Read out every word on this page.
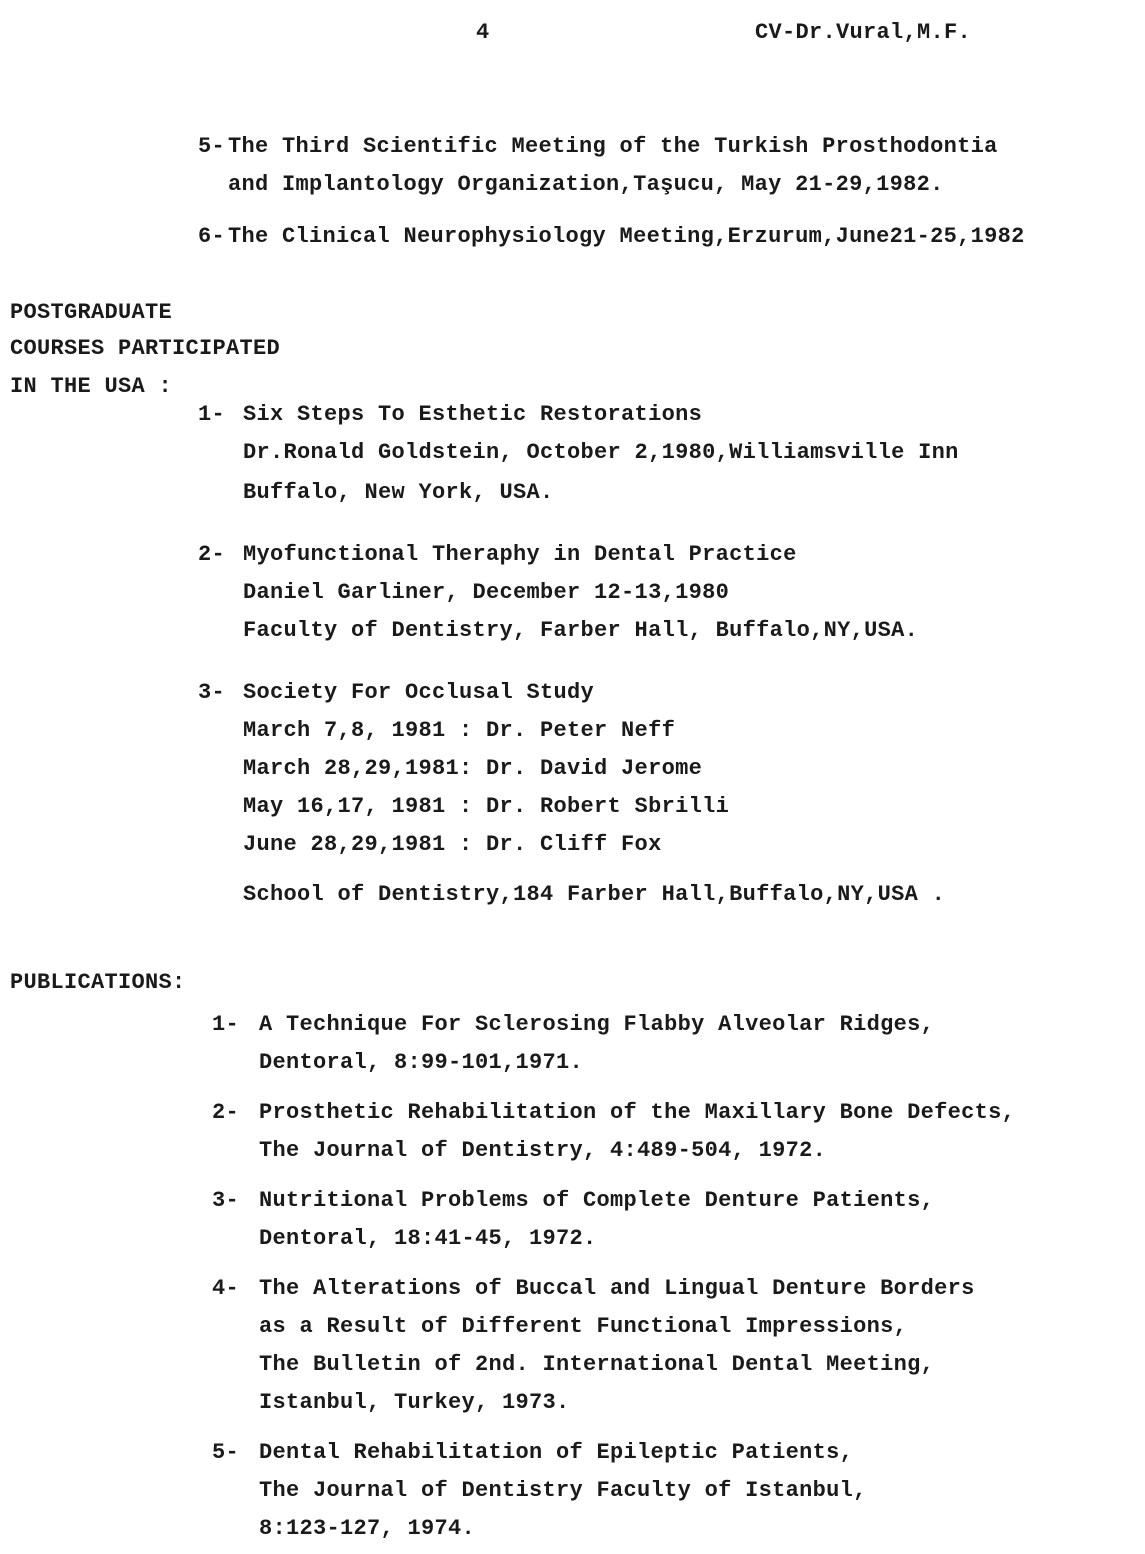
4	CV-Dr.Vural,M.F.
5- The Third Scientific Meeting of the Turkish Prosthodontia
and Implantology Organization,Taşucu, May 21-29,1982.
6- The Clinical Neurophysiology Meeting,Erzurum,June21-25,1982
POSTGRADUATE
COURSES PARTICIPATED
IN THE USA :
1- Six Steps To Esthetic Restorations
Dr.Ronald Goldstein, October 2,1980,Williamsville Inn
Buffalo, New York, USA.
2- Myofunctional Theraphy in Dental Practice
Daniel Garliner, December 12-13,1980
Faculty of Dentistry, Farber Hall, Buffalo,NY,USA.
3- Society For Occlusal Study
March 7,8, 1981 : Dr. Peter Neff
March 28,29,1981: Dr. David Jerome
May 16,17, 1981 : Dr. Robert Sbrilli
June 28,29,1981 : Dr. Cliff Fox
School of Dentistry,184 Farber Hall,Buffalo,NY,USA .
PUBLICATIONS:
1- A Technique For Sclerosing Flabby Alveolar Ridges,
Dentoral, 8:99-101,1971.
2- Prosthetic Rehabilitation of the Maxillary Bone Defects,
The Journal of Dentistry, 4:489-504, 1972.
3- Nutritional Problems of Complete Denture Patients,
Dentoral, 18:41-45, 1972.
4- The Alterations of Buccal and Lingual Denture Borders
as a Result of Different Functional Impressions,
The Bulletin of 2nd. International Dental Meeting,
Istanbul, Turkey, 1973.
5- Dental Rehabilitation of Epileptic Patients,
The Journal of Dentistry Faculty of Istanbul,
8:123-127, 1974.
